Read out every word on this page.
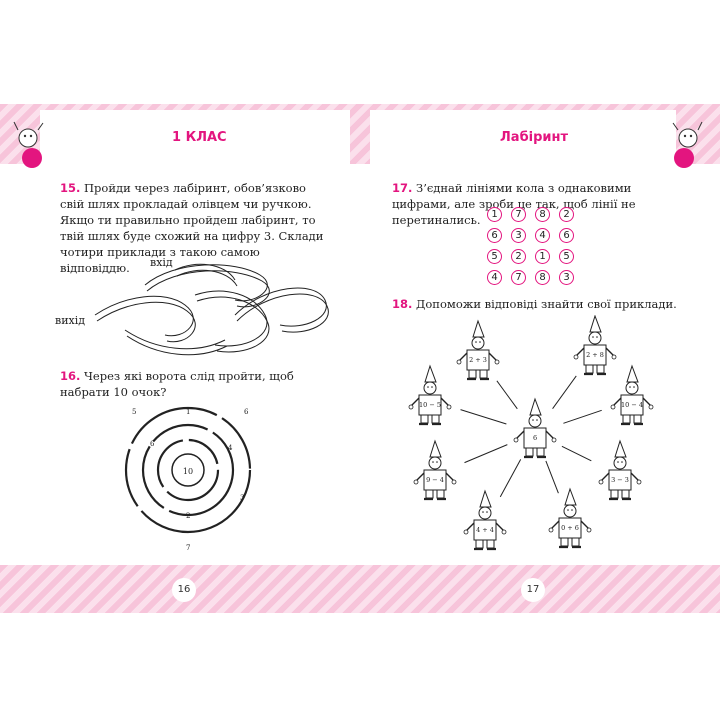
1 КЛАС	Лабіринт
16	17
15. Пройди через лабіринт, обов’язково свій шлях прокладай олівцем чи ручкою. Якщо ти правильно пройдеш лабіринт, то твій шлях буде схожий на цифру 3. Склади чотири приклади з такою самою відповіддю.	вхід
вихід
16. Через які ворота слід пройти, щоб набрати 10 очок?
10
1
2
3
4
5	6
7
6
17. З’єднай лініями кола з однаковими цифрами, але зроби це так, щоб лінії не перетинались.	1	7	8	2
6	3	4	6
5	2	1	5
4	7	8	3
18. Допоможи відповіді знайти свої приклади.
6
2 + 3
2 + 8
10 − 4
3 − 3
0 + 6
4 + 4
9 − 4
10 − 5
